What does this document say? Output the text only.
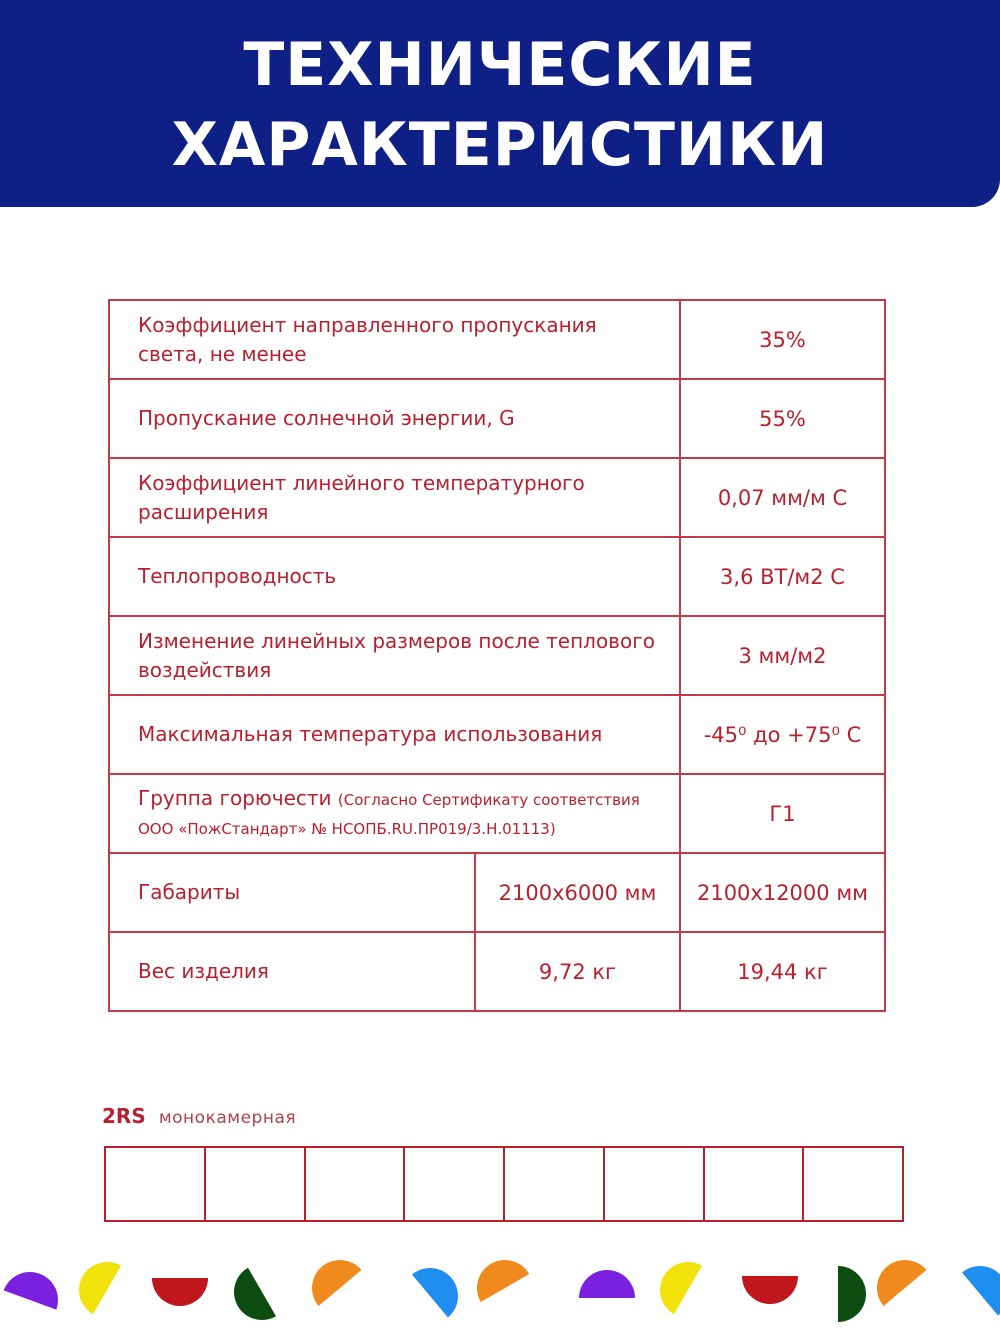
ТЕХНИЧЕСКИЕ
ХАРАКТЕРИСТИКИ
Коэффициент направленного пропускания света, не менее		35%
Пропускание солнечной энергии, G		55%
Коэффициент линейного температурного расширения		0,07 мм/м С
Теплопроводность		3,6 ВТ/м2 С
Изменение линейных размеров после теплового воздействия		3 мм/м2
Максимальная температура использования		-45⁰ до +75⁰ С
Группа горючести (Согласно Сертификату соответствия
ООО «ПожСтандарт» № НСОПБ.RU.ПР019/3.Н.01113)		Г1
Габариты	2100х6000 мм	2100х12000 мм
Вес изделия	9,72 кг	19,44 кг
2RS монокамерная
